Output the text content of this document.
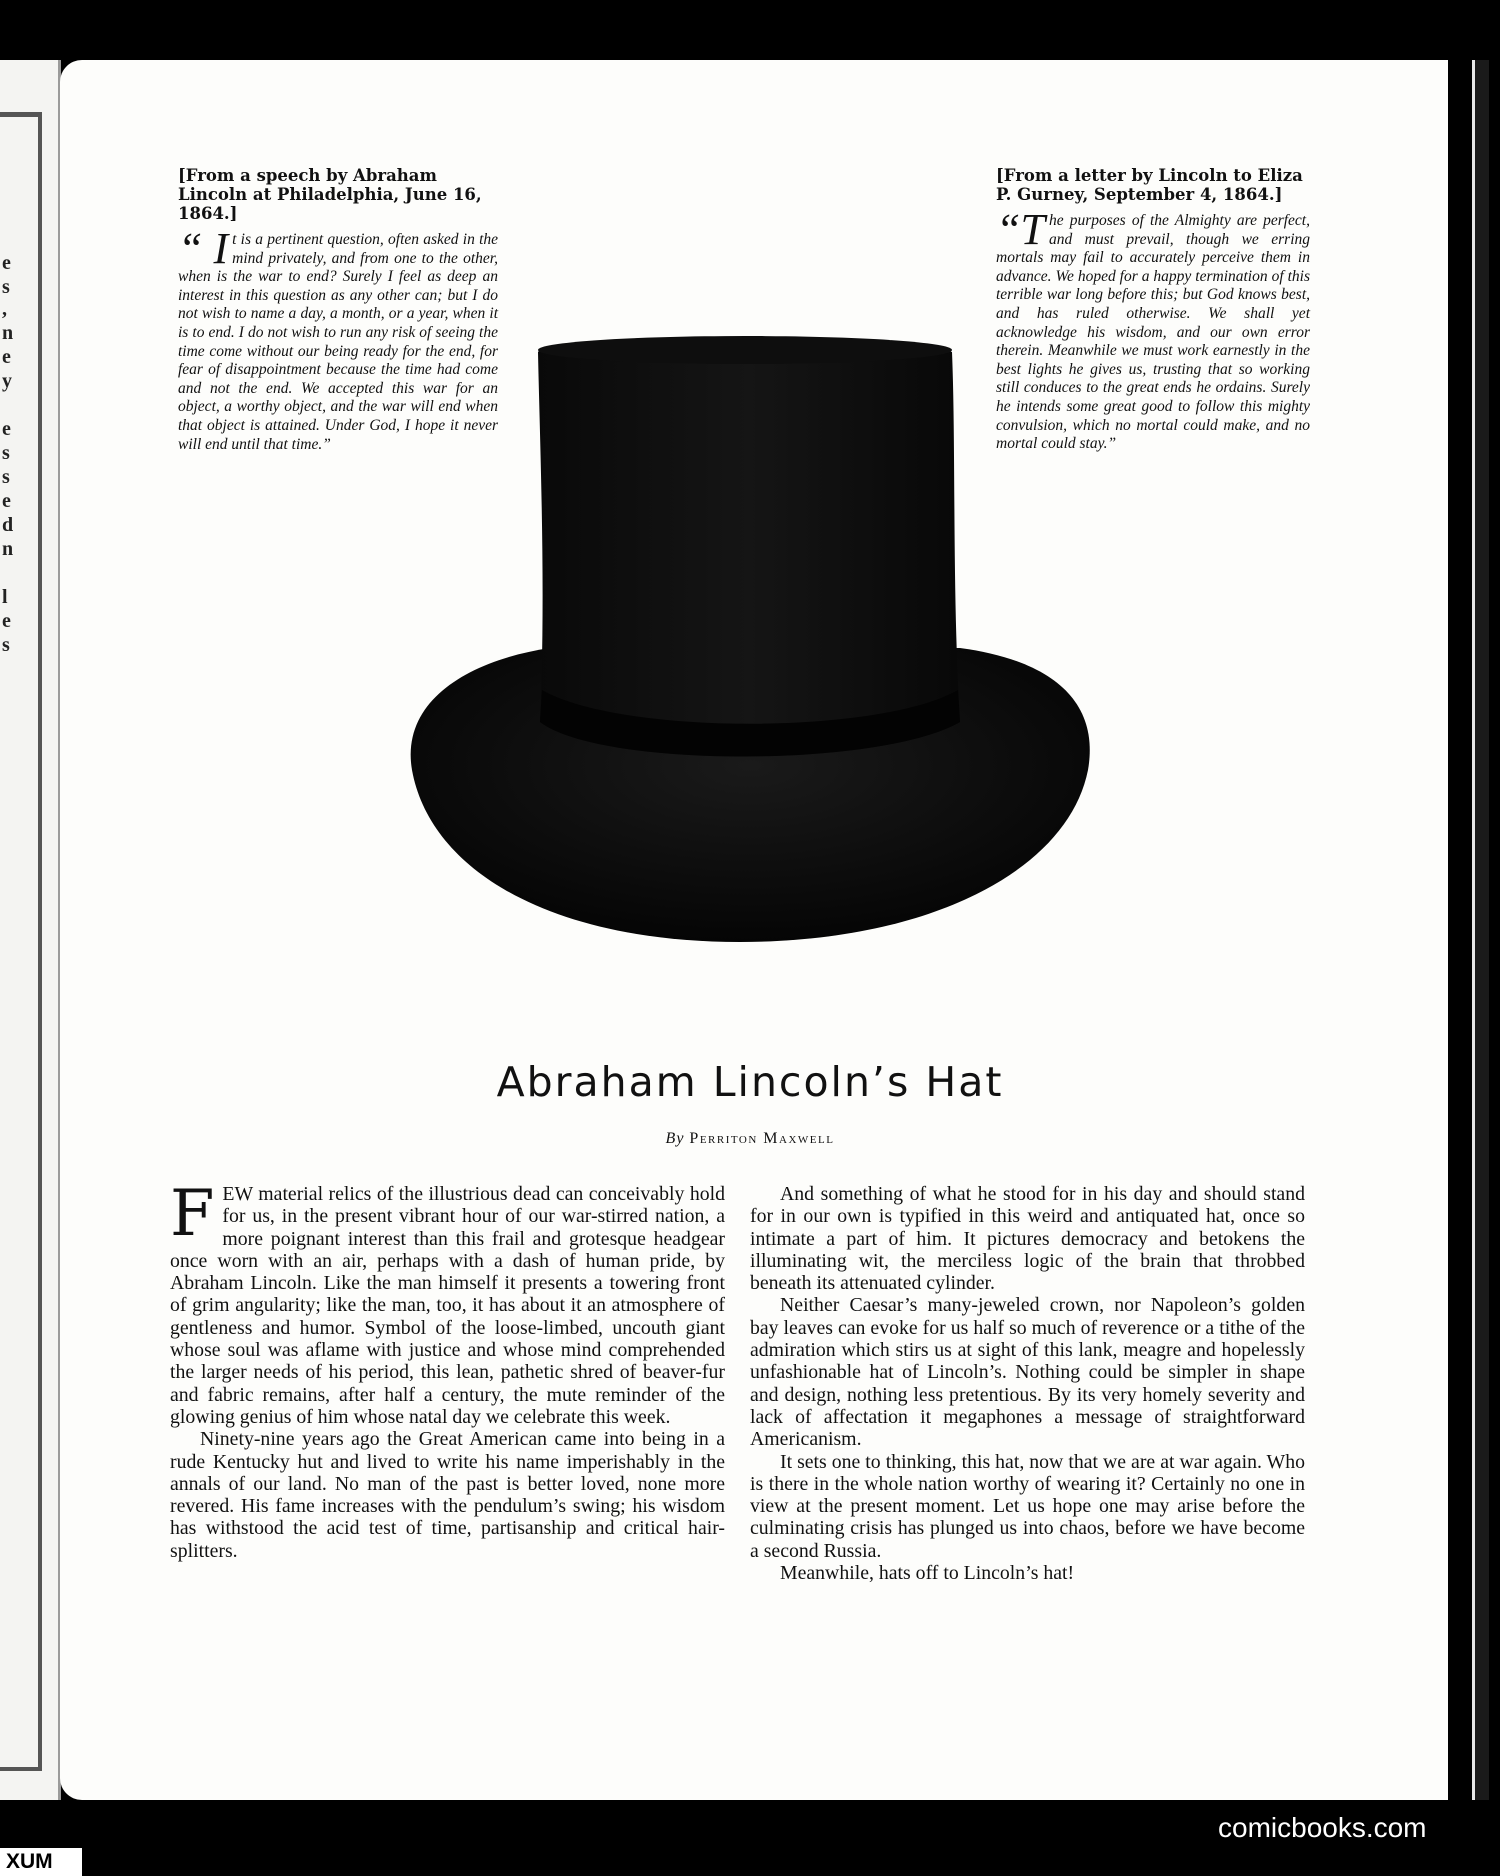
e
s
,
n
e
y
e
s
s
e
d
n
l
e
s

[From a speech by Abraham Lincoln at Philadelphia, June 16, 1864.]

“ I t is a pertinent question, often asked in the mind privately, and from one to the other, when is the war to end? Surely I feel as deep an interest in this question as any other can; but I do not wish to name a day, a month, or a year, when it is to end. I do not wish to run any risk of seeing the time come without our being ready for the end, for fear of disappointment because the time had come and not the end. We accepted this war for an object, a worthy object, and the war will end when that object is attained. Under God, I hope it never will end until that time.”

[From a letter by Lincoln to Eliza P. Gurney, September 4, 1864.]

“The purposes of the Almighty are perfect, and must prevail, though we erring mortals may fail to accurately perceive them in advance. We hoped for a happy termination of this terrible war long before this; but God knows best, and has ruled otherwise. We shall yet acknowledge his wisdom, and our own error therein. Meanwhile we must work earnestly in the best lights he gives us, trusting that so working still conduces to the great ends he ordains. Surely he intends some great good to follow this mighty convulsion, which no mortal could make, and no mortal could stay.”

Abraham Lincoln’s Hat

By Perriton Maxwell

FEW material relics of the illustrious dead can conceivably hold for us, in the present vibrant hour of our war-stirred nation, a more poignant interest than this frail and grotesque headgear once worn with an air, perhaps with a dash of human pride, by Abraham Lincoln. Like the man himself it presents a towering front of grim angularity; like the man, too, it has about it an atmosphere of gentleness and humor. Symbol of the loose-limbed, uncouth giant whose soul was aflame with justice and whose mind comprehended the larger needs of his period, this lean, pathetic shred of beaver-fur and fabric remains, after half a century, the mute reminder of the glowing genius of him whose natal day we celebrate this week.

Ninety-nine years ago the Great American came into being in a rude Kentucky hut and lived to write his name imperishably in the annals of our land. No man of the past is better loved, none more revered. His fame increases with the pendulum’s swing; his wisdom has withstood the acid test of time, partisanship and critical hair-splitters.

And something of what he stood for in his day and should stand for in our own is typified in this weird and antiquated hat, once so intimate a part of him. It pictures democracy and betokens the illuminating wit, the merciless logic of the brain that throbbed beneath its attenuated cylinder.

Neither Caesar’s many-jeweled crown, nor Napoleon’s golden bay leaves can evoke for us half so much of reverence or a tithe of the admiration which stirs us at sight of this lank, meagre and hopelessly unfashionable hat of Lincoln’s. Nothing could be simpler in shape and design, nothing less pretentious. By its very homely severity and lack of affectation it megaphones a message of straightforward Americanism.

It sets one to thinking, this hat, now that we are at war again. Who is there in the whole nation worthy of wearing it? Certainly no one in view at the present moment. Let us hope one may arise before the culminating crisis has plunged us into chaos, before we have become a second Russia.

Meanwhile, hats off to Lincoln’s hat!

comicbooks.com

XUM
